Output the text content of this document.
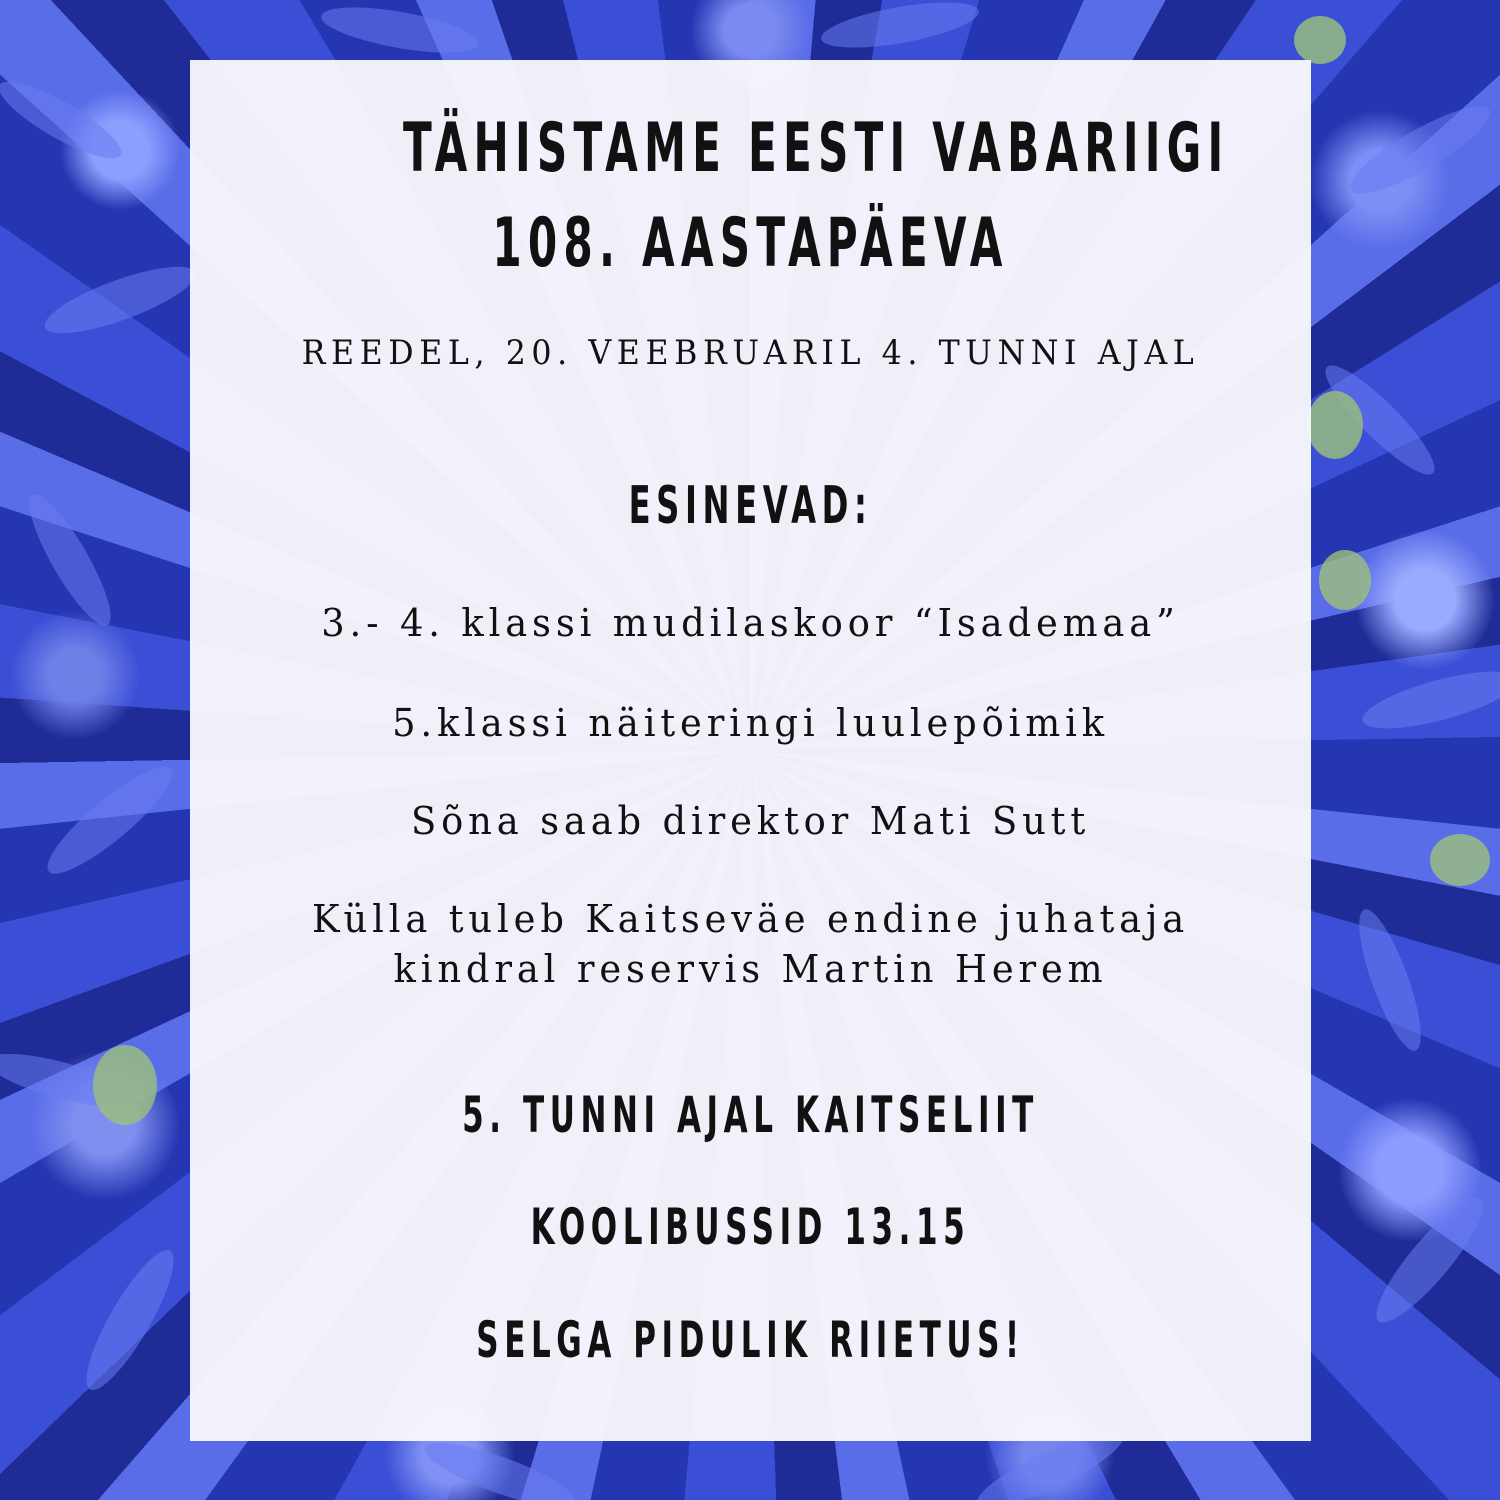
TÄHISTAME EESTI VABARIIGI
108. AASTAPÄEVA
REEDEL, 20. VEEBRUARIL 4. TUNNI AJAL
ESINEVAD:
3.- 4. klassi mudilaskoor “Isademaa”
5.klassi näiteringi luulepõimik
Sõna saab direktor Mati Sutt
Külla tuleb Kaitseväe endine juhataja
kindral reservis Martin Herem
5. TUNNI AJAL KAITSELIIT
KOOLIBUSSID 13.15
SELGA PIDULIK RIIETUS!
